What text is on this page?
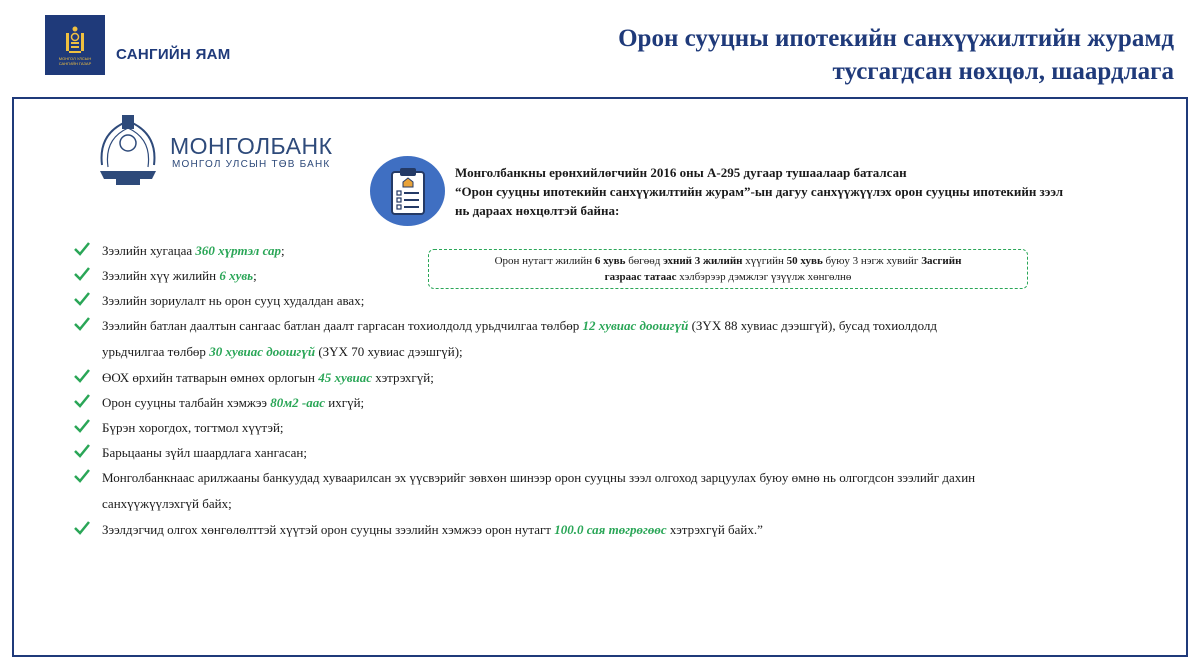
МОНГОЛ УЛСЫН САНГИЙН ГАЗАР	САНГИЙН ЯАМ
Орон сууцны ипотекийн санхүүжилтийн журамд
тусгагдсан нөхцөл, шаардлага
МОНГОЛБАНК
МОНГОЛ УЛСЫН ТӨВ БАНК
Монголбанкны ерөнхийлөгчийн 2016 оны А-295 дугаар тушаалаар баталсан
“Орон сууцны ипотекийн санхүүжилтийн журам”-ын дагуу санхүүжүүлэх орон сууцны ипотекийн зээл
нь дараах нөхцөлтэй байна:
Орон нутагт жилийн 6 хувь бөгөөд эхний 3 жилийн хүүгийн 50 хувь буюу 3 нэгж хувийг Засгийн
газраас татаас хэлбэрээр дэмжлэг үзүүлж хөнгөлнө
Зээлийн хугацаа 360 хүртэл сар;
Зээлийн хүү жилийн 6 хувь;
Зээлийн зориулалт нь орон сууц худалдан авах;
Зээлийн батлан даалтын сангаас батлан даалт гаргасан тохиолдолд урьдчилгаа төлбөр 12 хувиас доошгүй (ЗҮХ 88 хувиас дээшгүй), бусад тохиолдолд
урьдчилгаа төлбөр 30 хувиас доошгүй (ЗҮХ 70 хувиас дээшгүй);
ӨОХ өрхийн татварын өмнөх орлогын 45 хувиас хэтрэхгүй;
Орон сууцны талбайн хэмжээ 80м2 -аас ихгүй;
Бүрэн хорогдох, тогтмол хүүтэй;
Барьцааны зүйл шаардлага хангасан;
Монголбанкнаас арилжааны банкуудад хуваарилсан эх үүсвэрийг зөвхөн шинээр орон сууцны зээл олгоход зарцуулах буюу өмнө нь олгогдсон зээлийг дахин
санхүүжүүлэхгүй байх;
Зээлдэгчид олгох хөнгөлөлттэй хүүтэй орон сууцны зээлийн хэмжээ орон нутагт 100.0 сая төгрөгөөс хэтрэхгүй байх.”
